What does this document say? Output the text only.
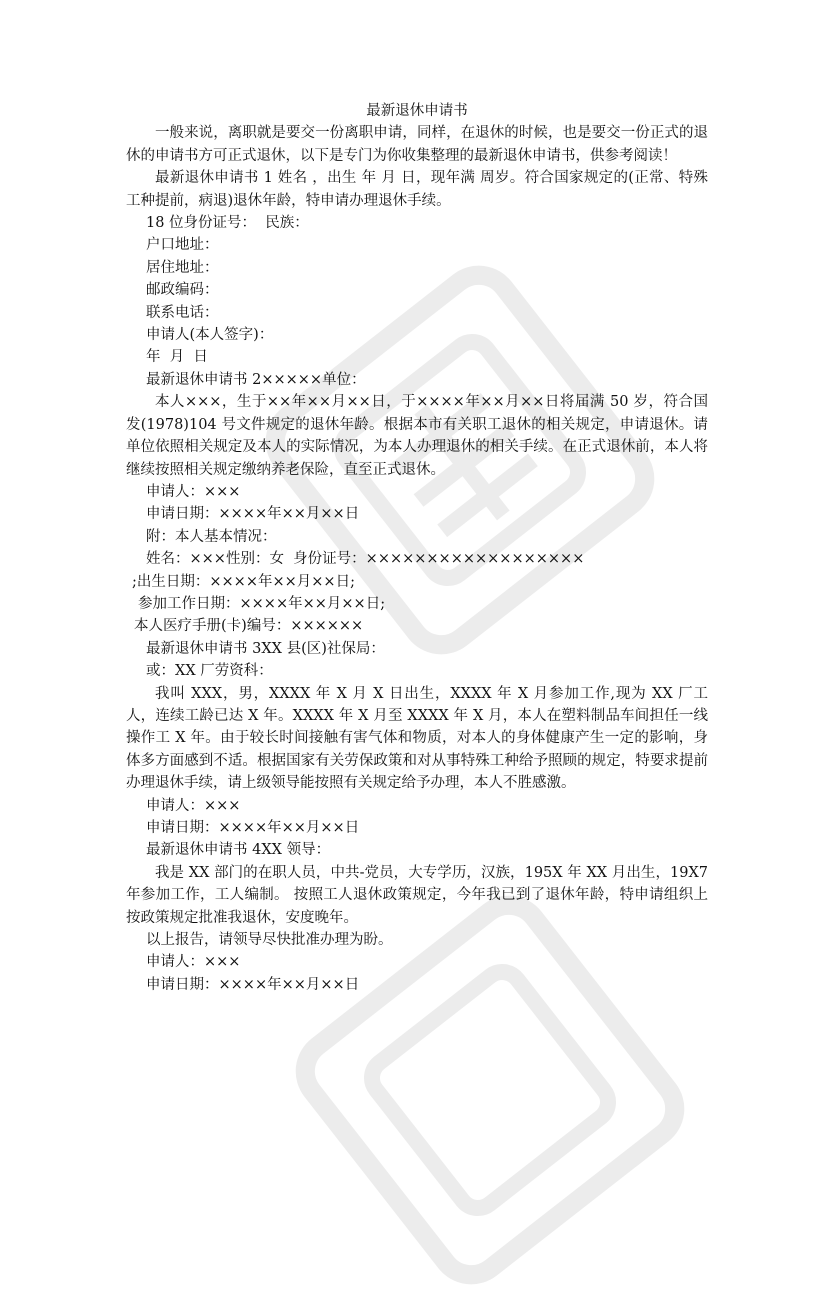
最新退休申请书

一般来说，离职就是要交一份离职申请，同样，在退休的时候，也是要交一份正式的退休的申请书方可正式退休，以下是专门为你收集整理的最新退休申请书，供参考阅读！

最新退休申请书 1 姓名 ，出生 年 月 日，现年满 周岁。符合国家规定的(正常、特殊工种提前，病退)退休年龄，特申请办理退休手续。

18 位身份证号：  民族：

户口地址：

居住地址：

邮政编码：

联系电话：

申请人(本人签字)：

年  月  日

最新退休申请书 2×××××单位：

本人×××，生于××年××月××日，于××××年××月××日将届满 50 岁，符合国发(1978)104 号文件规定的退休年龄。根据本市有关职工退休的相关规定，申请退休。请单位依照相关规定及本人的实际情况，为本人办理退休的相关手续。在正式退休前，本人将继续按照相关规定缴纳养老保险，直至正式退休。

申请人：×××

申请日期：××××年××月××日

附：本人基本情况：

姓名：×××性别：女  身份证号：××××××××××××××××××

;出生日期：××××年××月××日;

参加工作日期：××××年××月××日;

本人医疗手册(卡)编号：××××××

最新退休申请书 3XX 县(区)社保局：

或：XX 厂劳资科：

我叫 XXX，男，XXXX 年 X 月 X 日出生，XXXX 年 X 月参加工作,现为 XX 厂工人，连续工龄已达 X 年。XXXX 年 X 月至 XXXX 年 X 月，本人在塑料制品车间担任一线操作工 X 年。由于较长时间接触有害气体和物质，对本人的身体健康产生一定的影响，身体多方面感到不适。根据国家有关劳保政策和对从事特殊工种给予照顾的规定，特要求提前办理退休手续，请上级领导能按照有关规定给予办理，本人不胜感激。

申请人：×××

申请日期：××××年××月××日

最新退休申请书 4XX 领导：

我是 XX 部门的在职人员，中共-党员，大专学历，汉族，195X 年 XX 月出生，19X7 年参加工作，工人编制。 按照工人退休政策规定，今年我已到了退休年龄，特申请组织上按政策规定批准我退休，安度晚年。

以上报告，请领导尽快批准办理为盼。

申请人：×××

申请日期：××××年××月××日
